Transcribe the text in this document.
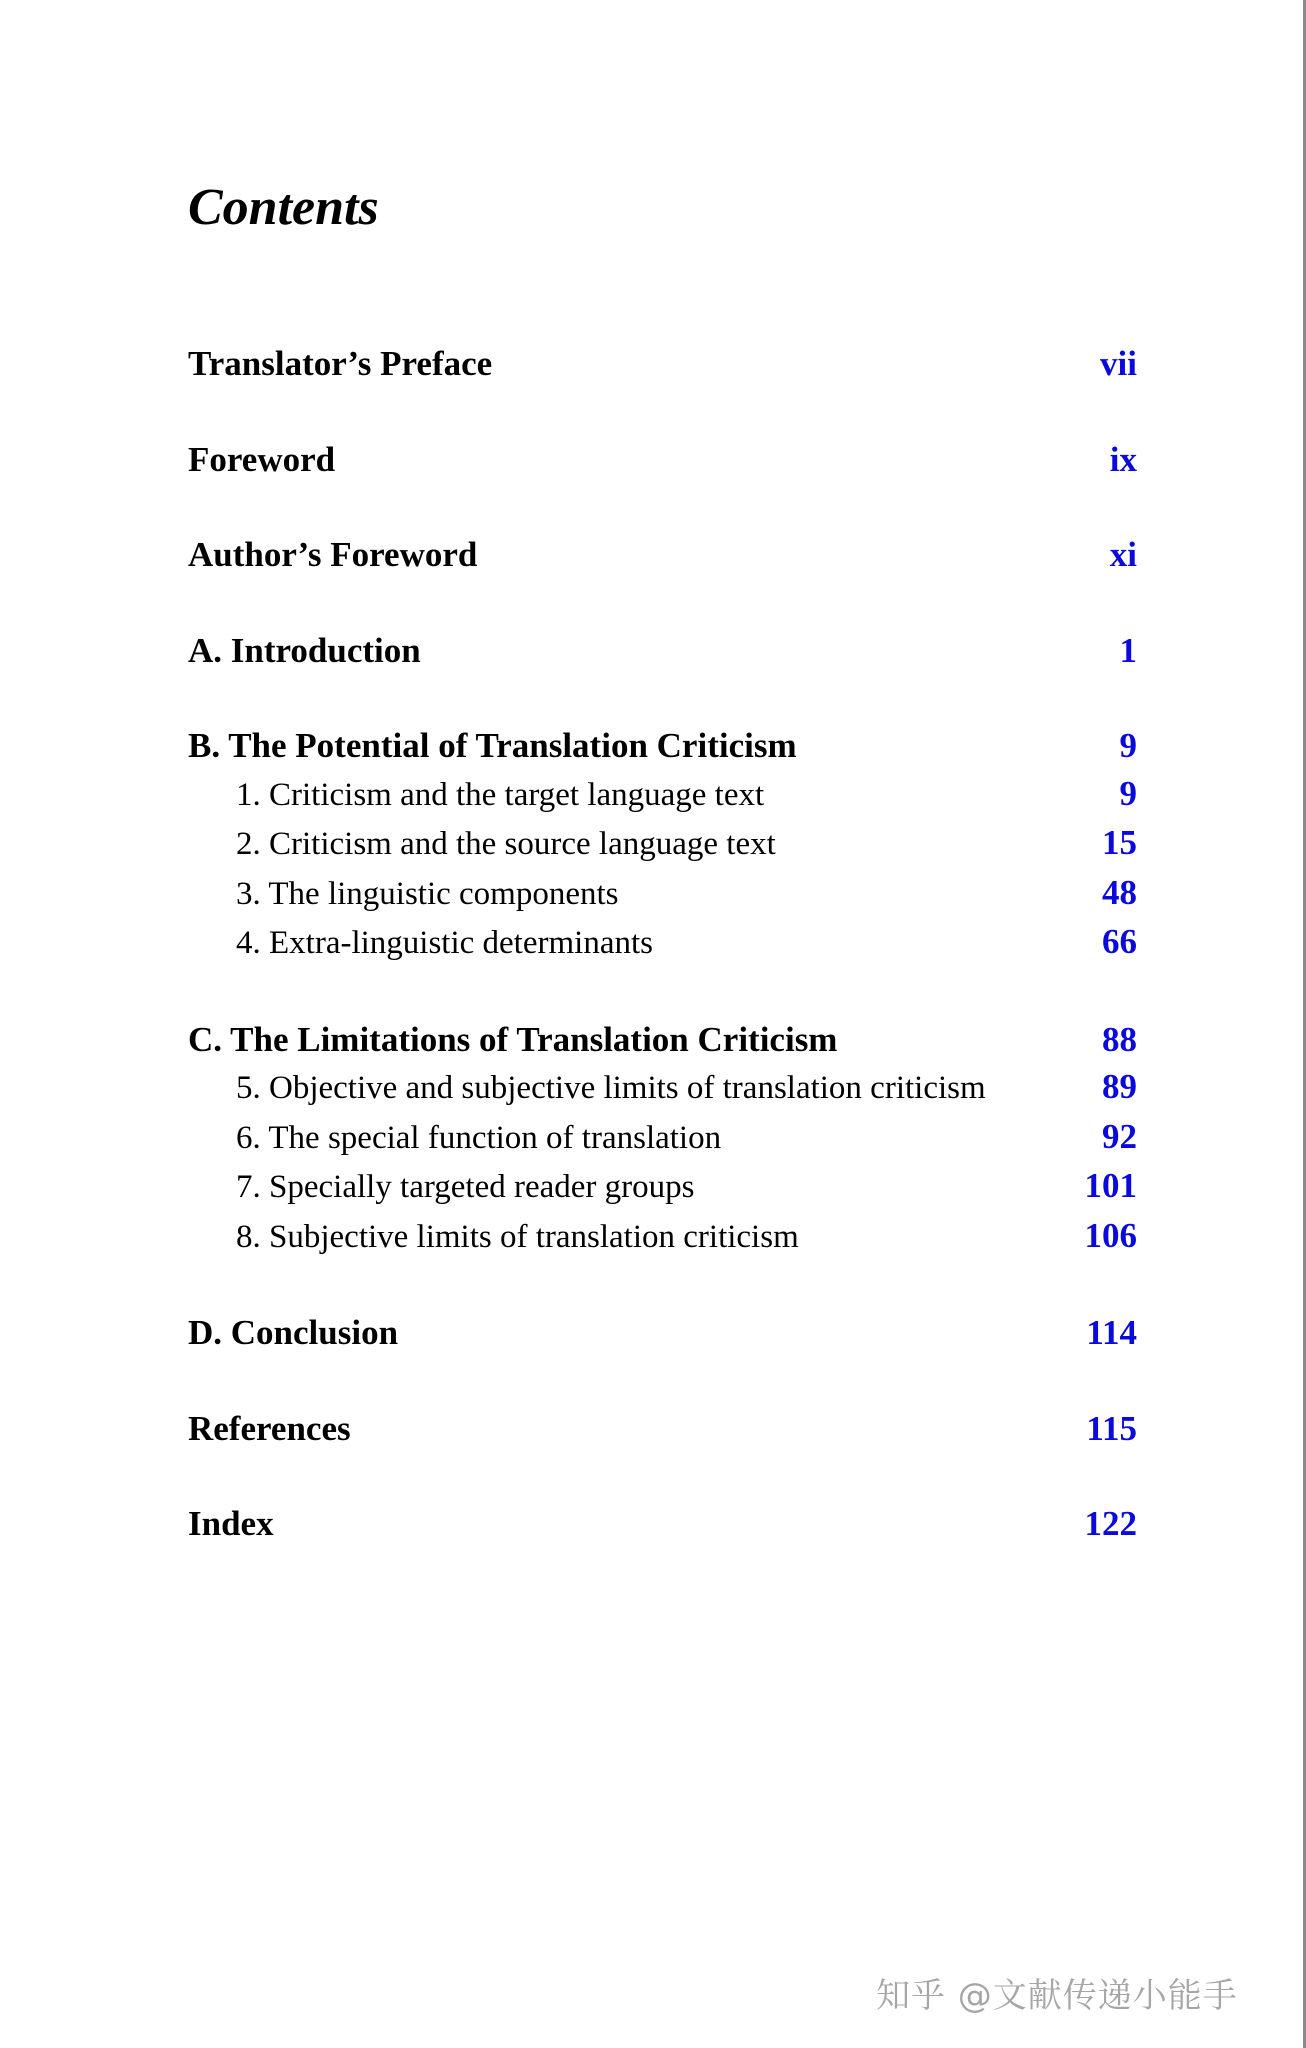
Contents
Translator’s Preface	vii
Foreword	ix
Author’s Foreword	xi
A. Introduction	1
B. The Potential of Translation Criticism	9
1. Criticism and the target language text	9
2. Criticism and the source language text	15
3. The linguistic components	48
4. Extra-linguistic determinants	66
C. The Limitations of Translation Criticism	88
5. Objective and subjective limits of translation criticism	89
6. The special function of translation	92
7. Specially targeted reader groups	101
8. Subjective limits of translation criticism	106
D. Conclusion	114
References	115
Index	122
知乎 @文献传递小能手
